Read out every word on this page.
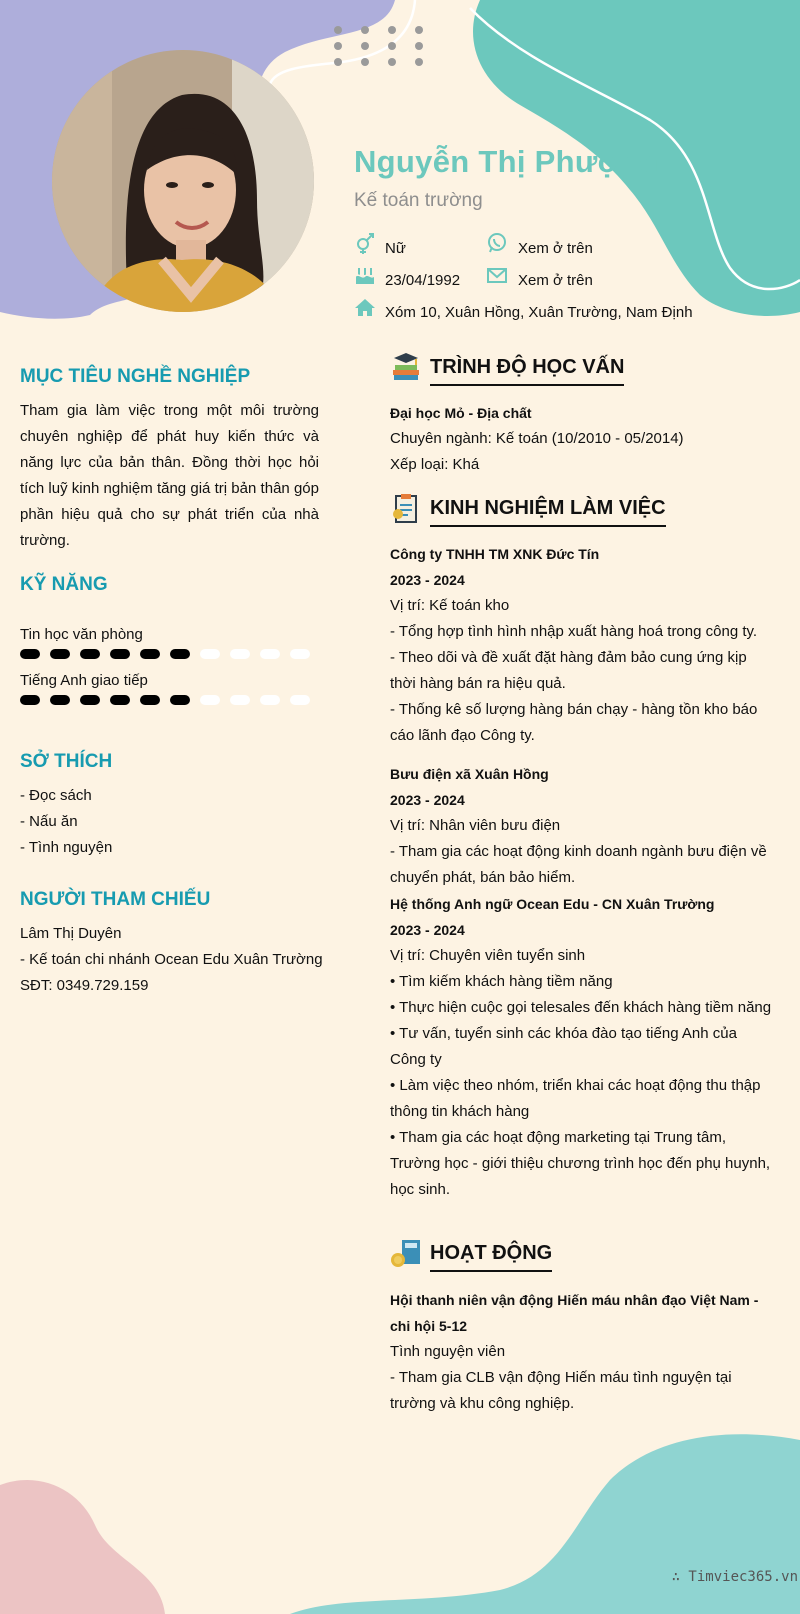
Nguyễn Thị Phượng
Kế toán trường
Nữ	Xem ở trên
23/04/1992	Xem ở trên
Xóm 10, Xuân Hồng, Xuân Trường, Nam Định
MỤC TIÊU NGHỀ NGHIỆP
Tham gia làm việc trong một môi trường chuyên nghiệp để phát huy kiến thức và năng lực của bản thân. Đồng thời học hỏi tích luỹ kinh nghiệm tăng giá trị bản thân góp phần hiệu quả cho sự phát triển của nhà trường.
KỸ NĂNG
Tin học văn phòng
Tiếng Anh giao tiếp
SỞ THÍCH
- Đọc sách
- Nấu ăn
- Tình nguyện
NGƯỜI THAM CHIẾU
Lâm Thị Duyên
- Kế toán chi nhánh Ocean Edu Xuân Trường
SĐT: 0349.729.159
TRÌNH ĐỘ HỌC VẤN
Đại học Mỏ - Địa chất
Chuyên ngành: Kế toán (10/2010 - 05/2014)
Xếp loại: Khá
KINH NGHIỆM LÀM VIỆC
Công ty TNHH TM XNK Đức Tín
2023 - 2024
Vị trí: Kế toán kho
- Tổng hợp tình hình nhập xuất hàng hoá trong công ty.
- Theo dõi và đề xuất đặt hàng đảm bảo cung ứng kịp thời hàng bán ra hiệu quả.
- Thống kê số lượng hàng bán chạy - hàng tồn kho báo cáo lãnh đạo Công ty.
Bưu điện xã Xuân Hồng
2023 - 2024
Vị trí: Nhân viên bưu điện
- Tham gia các hoạt động kinh doanh ngành bưu điện về chuyển phát, bán bảo hiểm.
Hệ thống Anh ngữ Ocean Edu - CN Xuân Trường
2023 - 2024
Vị trí: Chuyên viên tuyển sinh
• Tìm kiếm khách hàng tiềm năng
• Thực hiện cuộc gọi telesales đến khách hàng tiềm năng
• Tư vấn, tuyển sinh các khóa đào tạo tiếng Anh của Công ty
• Làm việc theo nhóm, triển khai các hoạt động thu thập thông tin khách hàng
• Tham gia các hoạt động marketing tại Trung tâm, Trường học - giới thiệu chương trình học đến phụ huynh, học sinh.
HOẠT ĐỘNG
Hội thanh niên vận động Hiến máu nhân đạo Việt Nam - chi hội 5-12
Tình nguyện viên
- Tham gia CLB vận động Hiến máu tình nguyện tại trường và khu công nghiệp.
∴ Timviec365.vn
